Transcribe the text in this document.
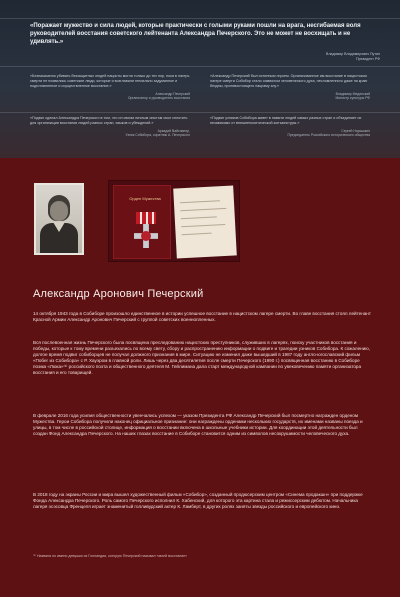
«Поражает мужество и сила людей, которые практически с голыми руками пошли на врага, несгибаемая воля руководителей восстания советского лейтенанта Александра Печерского. Это не может не восхищать и не удивлять.»
Владимир Владимирович Путин
Президент РФ
«Безнаказанно убивать беззащитных людей нацисты могли только до тех пор, пока в лагерь смерти не появились советские люди, которые и возглавили гениально задуманное и подготовленное и осуществленное восстание.»
Александр Печерский
Организатор и руководитель восстания
«Александр Печерский был истинным героем. Организованное им восстание в нацистском лагере смерти Собибор стало символом человеческого духа, несломленного даже на краю бездны, противостоящего нацизму злу.»
Владимир Мединский
Министр культуры РФ
«Подвиг сделал Александра Печерского в том, что он своим личным опытом смог сплотить для организации восстания людей разных стран, языков и убеждений.»
Аркадий Вайспапир,
Узник Собибора, соратник А. Печерского
«Подвиг узников Собибора живет в памяти людей самых разных стран и объединяет их независимо от внешнеполитической конъюнктуры.»
Сергей Нарышкин
Председатель Российского исторического общества
Орден Мужества
Александр Аронович Печерский

14 октября 1943 года в Собиборе произошло единственное в истории успешное восстание в нацистском лагере смерти. Во главе восстания стоял лейтенант Красной Армии Александр Аронович Печерский с группой советских военнопленных.

Вся послевоенная жизнь Печерского была посвящена преследованию нацистских преступников, служивших в лагерях, поиску участников восстания и победы, которые к тому времени разъехались по всему свету, сбору и распространению информации о подвиге и трагедии узников Собибора. К сожалению, долгое время подвиг собиборцев не получал должного признания в мире. Ситуацию не изменил даже вышедший в 1987 году англо-югославский фильм «Побег из Собибора» с Р. Хауэром в главной роли. Лишь через два десятилетия после смерти Печерского (1990 г.) посвященная восстанию в Собиборе поэма «Люка»⁽¹⁾ российского поэта и общественного деятеля М. Гейлимана дала старт международной кампании по увековечению памяти организатора восстания и его товарищей.

В феврале 2016 года усилия общественности увенчались успехом — указом Президента РФ Александр Печерский был посмертно награжден орденом Мужества. Герои Собибора получили наконец официальное признание: они награждены орденами нескольких государств, их именами названы поезда и улицы, в том числе в российской столице, информация о восстании включена в школьные учебники истории. Для координации этой деятельности был создан Фонд Александра Печерского. На наших глазах восстание в Собиборе становится одним из символов несокрушимости человеческого духа.

В 2018 году на экраны России и мира вышел художественный фильм «Собибор», созданный продюсерским центром «Синема продакшн» при поддержке Фонда Александра Печерского. Роль самого Печерского исполнил К. Хабенский, для которого эта картина стала и режиссерским дебютом. Начальника лагеря эсэсовца Френцеля играет знаменитый голливудский актер К. Ламберт, в других ролях заняты звезды российского и европейского кино.

⁽¹⁾ Названа по имени девушки из Голландии, которую Печерский называл «моей восстание»
